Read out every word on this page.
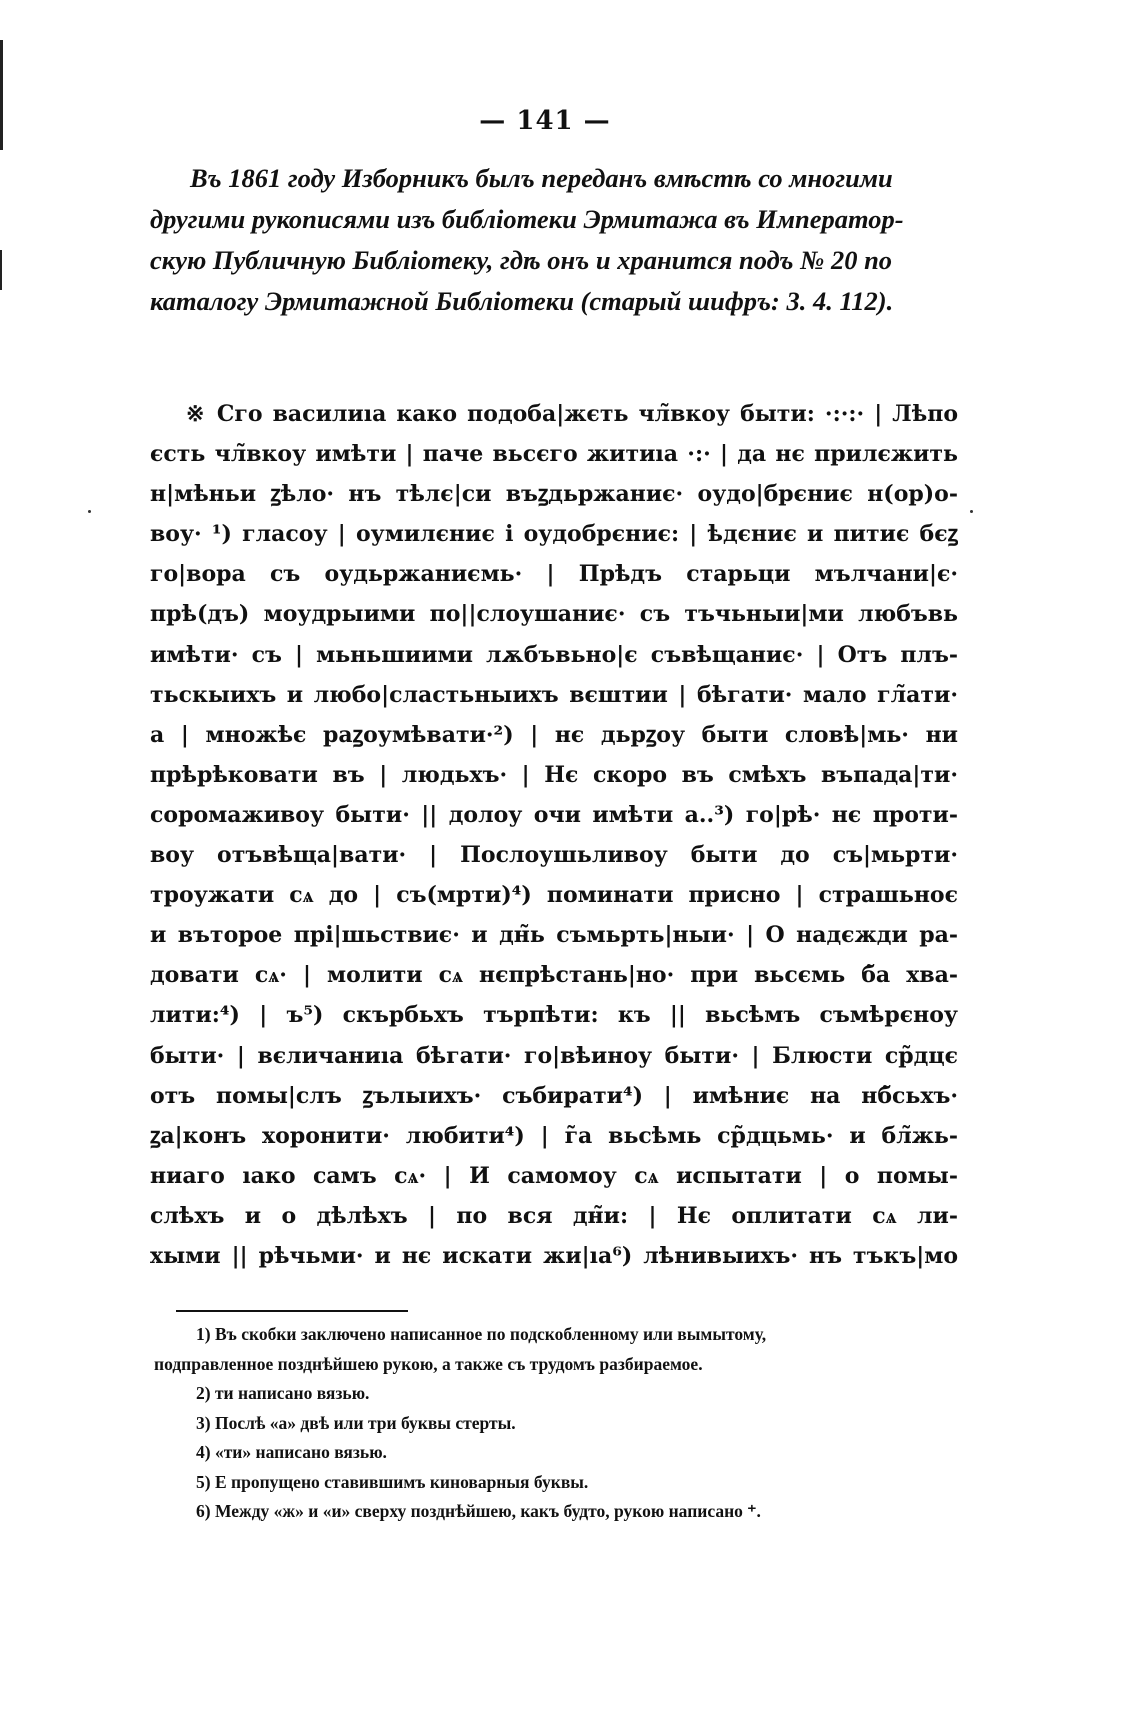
— 141 —
Въ 1861 году Изборникъ былъ переданъ вмѣстѣ со многими
другими рукописями изъ библіотеки Эрмитажа въ Император-
скую Публичную Библіотеку, гдѣ онъ и хранится подъ № 20 по
каталогу Эрмитажной Библіотеки (старый шифръ: 3. 4. 112).
※ Сго василиıа како подоба|жєть чл̃вкоу быти: ·:·:· | Лѣпо
єсть чл̃вкоу имѣти | паче вьсєго житиıа ·:· | да нє прилєжить
н|мѣньи ꙁѣло· нъ тѣлє|си въꙁдьржаниє· оудо|брєниє н(ор)о-
воу· ¹) гласоу | оумилєниє і оудобрєниє: | ѣдєниє и питиє бєꙁ
го|вора съ оудьржаниємь· | Прѣдъ старьци мълчани|є·
прѣ(дъ) моудрыими по||слоушаниє· съ тъчьныи|ми любъвь
имѣти· съ | мьньшиими лѫбъвьно|є съвѣщаниє· | Отъ плъ-
тьскыихъ и любо|сластьныихъ вєштии | бѣгати· мало гл̃ати·
а | множѣє раꙁоумѣвати·²) | нє дьрꙁоу быти словѣ|мь· ни
прѣрѣковати въ | людьхъ· | Нє скоро въ смѣхъ въпада|ти·
соромаживоу быти· || долоу очи имѣти а..³) го|рѣ· нє проти-
воу отъвѣща|вати· | Послоушьливоу быти до съ|мьрти·
троужати сѧ до | съ(мрти)⁴) поминати присно | страшьноє
и въторое прі|шьствиє· и дн̃ь съмьрть|ныи· | О надєжди ра-
довати сѧ· | молити сѧ нєпрѣстань|но· при вьсємь б̃а хва-
лити:⁴) | ъ⁵) скърбьхъ търпѣти: къ || вьсѣмъ съмѣрєноу
быти· | вєличаниıа бѣгати· го|вѣиноу быти· | Блюсти ср̃дцє
отъ помы|слъ ꙁълыихъ· събирати⁴) | имѣниє на нб̃сьхъ·
ꙁа|конъ хоронити· любити⁴) | г̃а вьсѣмь ср̃дцьмь· и бл̃жь-
ниаго ıако самъ сѧ· | И самомоу сѧ испытати | о помы-
слѣхъ и о дѣлѣхъ | по вся дн̃и: | Нє оплитати сѧ ли-
хыми || рѣчьми· и нє искати жи|ıа⁶) лѣнивыихъ· нъ тъкъ|мо
1) Въ скобки заключено написанное по подскобленному или вымытому,
подправленное позднѣйшею рукою, а также съ трудомъ разбираемое.
2) ти написано вязью.
3) Послѣ «а» двѣ или три буквы стерты.
4) «ти» написано вязью.
5) Е пропущено ставившимъ киноварныя буквы.
6) Между «ж» и «и» сверху позднѣйшею, какъ будто, рукою написано ⁺.
